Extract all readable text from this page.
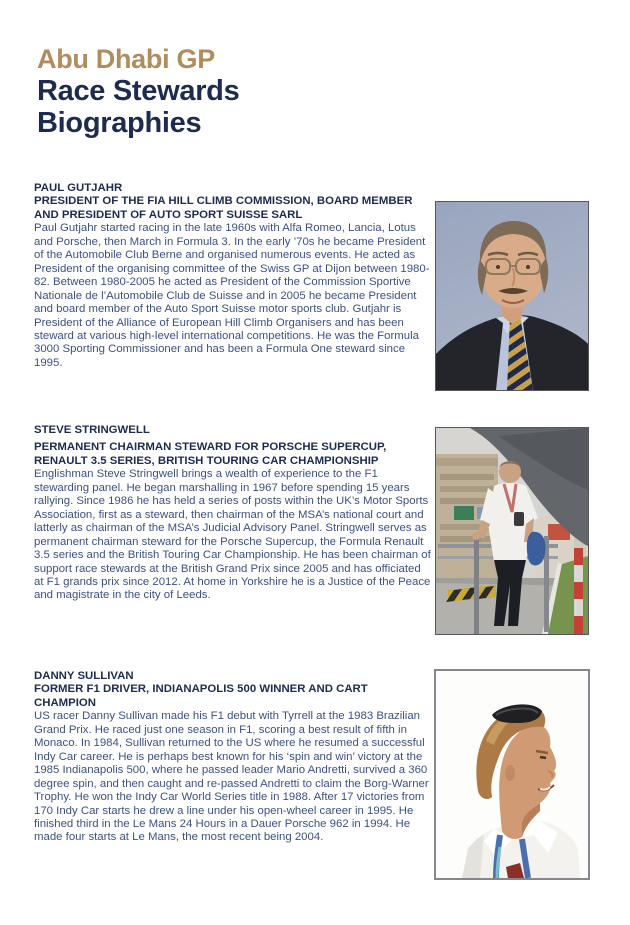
Abu Dhabi GP
Race Stewards
Biographies
PAUL GUTJAHR
PRESIDENT OF THE FIA HILL CLIMB COMMISSION, BOARD MEMBER AND PRESIDENT OF AUTO SPORT SUISSE SARL

Paul Gutjahr started racing in the late 1960s with Alfa Romeo, Lancia, Lotus and Porsche, then March in Formula 3. In the early ’70s he became President of the Automobile Club Berne and organised numerous events. He acted as President of the organising committee of the Swiss GP at Dijon between 1980-82. Between 1980-2005 he acted as President of the Commission Sportive Nationale de l’Automobile Club de Suisse and in 2005 he became President and board member of the Auto Sport Suisse motor sports club. Gutjahr is President of the Alliance of European Hill Climb Organisers and has been steward at various high-level international competitions. He was the Formula 3000 Sporting Commissioner and has been a Formula One steward since 1995.

STEVE STRINGWELL
PERMANENT CHAIRMAN STEWARD FOR PORSCHE SUPERCUP, RENAULT 3.5 SERIES, BRITISH TOURING CAR CHAMPIONSHIP

Englishman Steve Stringwell brings a wealth of experience to the F1 stewarding panel. He began marshalling in 1967 before spending 15 years rallying. Since 1986 he has held a series of posts within the UK’s Motor Sports Association, first as a steward, then chairman of the MSA’s national court and latterly as chairman of the MSA’s Judicial Advisory Panel. Stringwell serves as permanent chairman steward for the Porsche Supercup, the Formula Renault 3.5 series and the British Touring Car Championship. He has been chairman of support race stewards at the British Grand Prix since 2005 and has officiated at F1 grands prix since 2012. At home in Yorkshire he is a Justice of the Peace and magistrate in the city of Leeds.

DANNY SULLIVAN
FORMER F1 DRIVER, INDIANAPOLIS 500 WINNER AND CART CHAMPION

US racer Danny Sullivan made his F1 debut with Tyrrell at the 1983 Brazilian Grand Prix. He raced just one season in F1, scoring a best result of fifth in Monaco. In 1984, Sullivan returned to the US where he resumed a successful Indy Car career. He is perhaps best known for his ‘spin and win’ victory at the 1985 Indianapolis 500, where he passed leader Mario Andretti, survived a 360 degree spin, and then caught and re-passed Andretti to claim the Borg-Warner Trophy. He won the Indy Car World Series title in 1988. After 17 victories from 170 Indy Car starts he drew a line under his open-wheel career in 1995. He finished third in the Le Mans 24 Hours in a Dauer Porsche 962 in 1994. He made four starts at Le Mans, the most recent being 2004.
